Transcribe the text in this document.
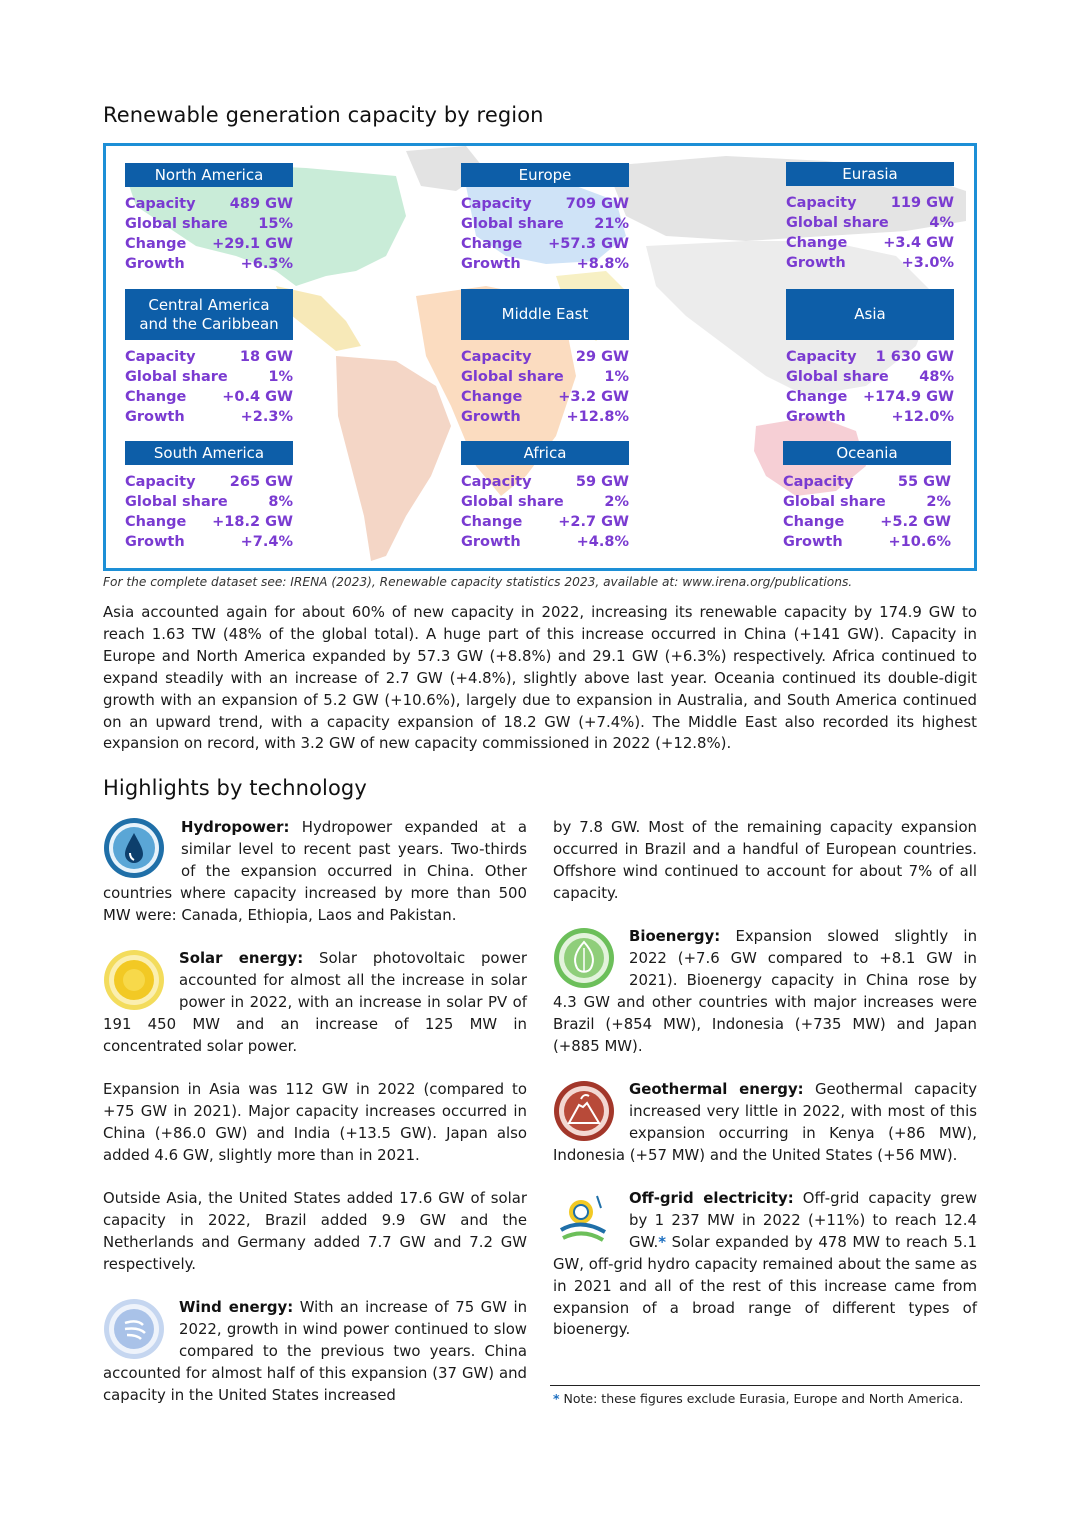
Renewable generation capacity by region
North America
Capacity 489 GW
Global share 15%
Change +29.1 GW
Growth	+6.3%
Europe
Capacity 709 GW
Global share 21%
Change +57.3 GW
Growth	+8.8%
Eurasia
Capacity 119 GW
Global share	4%
Change +3.4 GW
Growth	+3.0%
Central America
and the Caribbean
Capacity	18 GW
Global share	1%
Change +0.4 GW
Growth	+2.3%
Middle East
Capacity	29 GW
Global share	1%
Change +3.2 GW
Growth	+12.8%
Asia
Capacity 1 630 GW
Global share 48%
Change +174.9 GW
Growth	+12.0%
South America
Capacity 265 GW
Global share	8%
Change +18.2 GW
Growth	+7.4%
Africa
Capacity	59 GW
Global share	2%
Change +2.7 GW
Growth	+4.8%
Oceania
Capacity	55 GW
Global share	2%
Change +5.2 GW
Growth	+10.6%
For the complete dataset see: IRENA (2023), Renewable capacity statistics 2023, available at: www.irena.org/publications.

Asia accounted again for about 60% of new capacity in 2022, increasing its renewable capacity by 174.9 GW to reach 1.63 TW (48% of the global total). A huge part of this increase occurred in China (+141 GW). Capacity in Europe and North America expanded by 57.3 GW (+8.8%) and 29.1 GW (+6.3%) respectively. Africa continued to expand steadily with an increase of 2.7 GW (+4.8%), slightly above last year. Oceania continued its double-digit growth with an expansion of 5.2 GW (+10.6%), largely due to expansion in Australia, and South America continued on an upward trend, with a capacity expansion of 18.2 GW (+7.4%). The Middle East also recorded its highest expansion on record, with 3.2 GW of new capacity commissioned in 2022 (+12.8%).

Highlights by technology
Hydropower: Hydropower expanded at a similar level to recent past years. Two-thirds of the expansion occurred in China. Other countries where capacity increased by more than 500 MW were: Canada, Ethiopia, Laos and Pakistan.
Solar energy: Solar photovoltaic power accounted for almost all the increase in solar power in 2022, with an increase in solar PV of 191 450 MW and an increase of 125 MW in concentrated solar power.

Expansion in Asia was 112 GW in 2022 (compared to +75 GW in 2021). Major capacity increases occurred in China (+86.0 GW) and India (+13.5 GW). Japan also added 4.6 GW, slightly more than in 2021.

Outside Asia, the United States added 17.6 GW of solar capacity in 2022, Brazil added 9.9 GW and the Netherlands and Germany added 7.7 GW and 7.2 GW respectively.

Wind energy: With an increase of 75 GW in 2022, growth in wind power continued to slow compared to the previous two years. China accounted for almost half of this expansion (37 GW) and capacity in the United States increased

by 7.8 GW. Most of the remaining capacity expansion occurred in Brazil and a handful of European countries. Offshore wind continued to account for about 7% of all capacity.

Bioenergy: Expansion slowed slightly in 2022 (+7.6 GW compared to +8.1 GW in 2021). Bioenergy capacity in China rose by 4.3 GW and other countries with major increases were Brazil (+854 MW), Indonesia (+735 MW) and Japan (+885 MW).
Geothermal energy: Geothermal capacity increased very little in 2022, with most of this expansion occurring in Kenya (+86 MW), Indonesia (+57 MW) and the United States (+56 MW).
Off-grid electricity: Off-grid capacity grew by 1 237 MW in 2022 (+11%) to reach 12.4 GW.* Solar expanded by 478 MW to reach 5.1 GW, off-grid hydro capacity remained about the same as in 2021 and all of the rest of this increase came from expansion of a broad range of different types of bioenergy.
* Note: these figures exclude Eurasia, Europe and North America.
